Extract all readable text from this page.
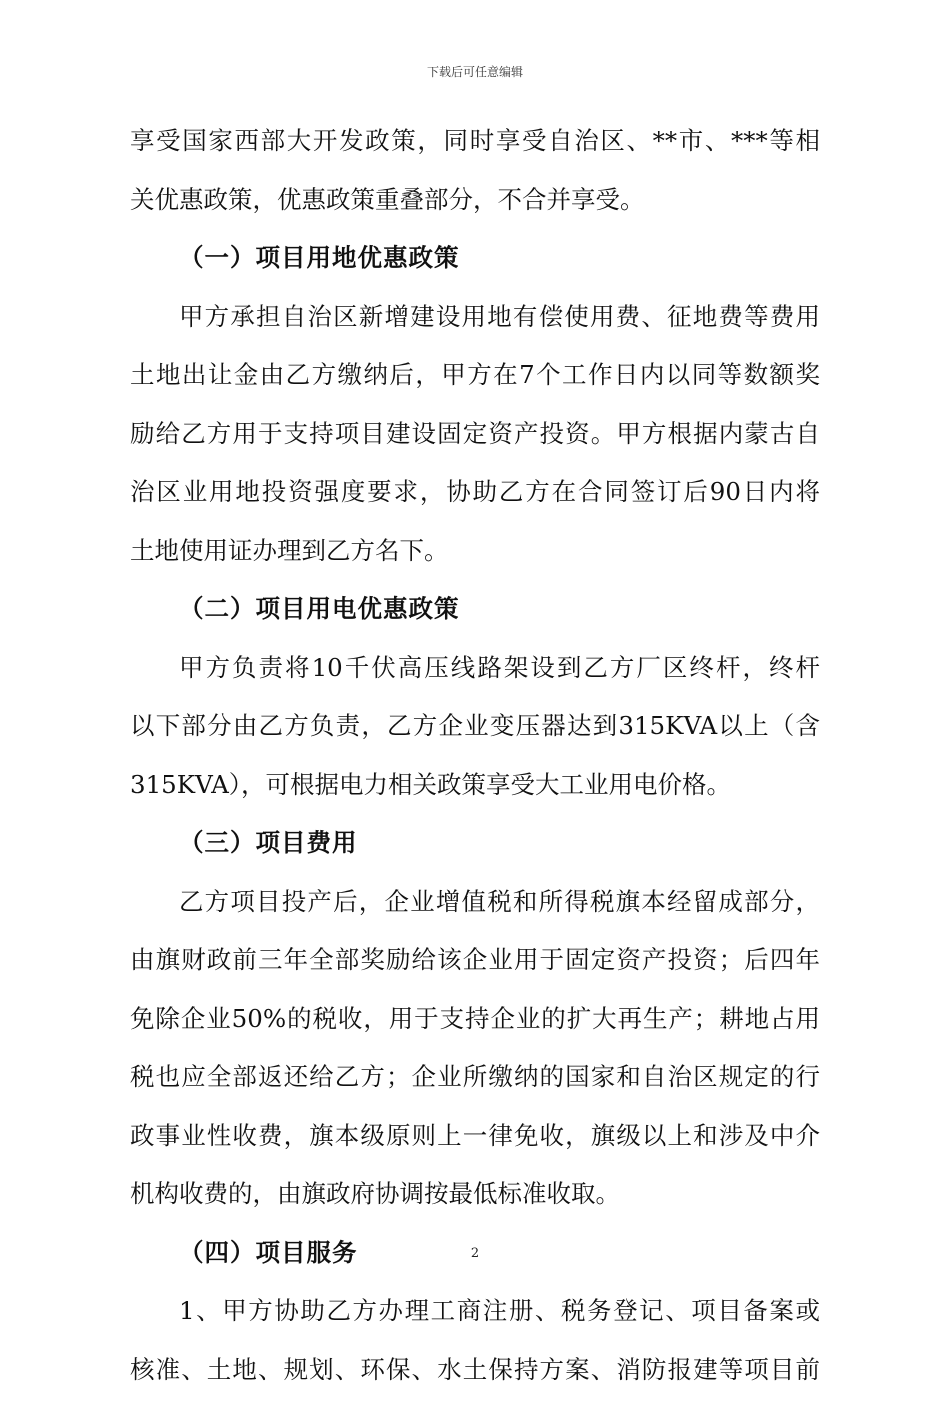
下载后可任意编辑
享受国家西部大开发政策，同时享受自治区、**市、***等相
关优惠政策，优惠政策重叠部分，不合并享受。
（一）项目用地优惠政策
甲方承担自治区新增建设用地有偿使用费、征地费等费用
土地出让金由乙方缴纳后，甲方在7个工作日内以同等数额奖
励给乙方用于支持项目建设固定资产投资。甲方根据内蒙古自
治区业用地投资强度要求，协助乙方在合同签订后90日内将
土地使用证办理到乙方名下。
（二）项目用电优惠政策
甲方负责将10千伏高压线路架设到乙方厂区终杆，终杆
以下部分由乙方负责，乙方企业变压器达到315KVA以上（含
315KVA），可根据电力相关政策享受大工业用电价格。
（三）项目费用
乙方项目投产后，企业增值税和所得税旗本经留成部分，
由旗财政前三年全部奖励给该企业用于固定资产投资；后四年
免除企业50%的税收，用于支持企业的扩大再生产；耕地占用
税也应全部返还给乙方；企业所缴纳的国家和自治区规定的行
政事业性收费，旗本级原则上一律免收，旗级以上和涉及中介
机构收费的，由旗政府协调按最低标准收取。
（四）项目服务
1、甲方协助乙方办理工商注册、税务登记、项目备案或
核准、土地、规划、环保、水土保持方案、消防报建等项目前
2
